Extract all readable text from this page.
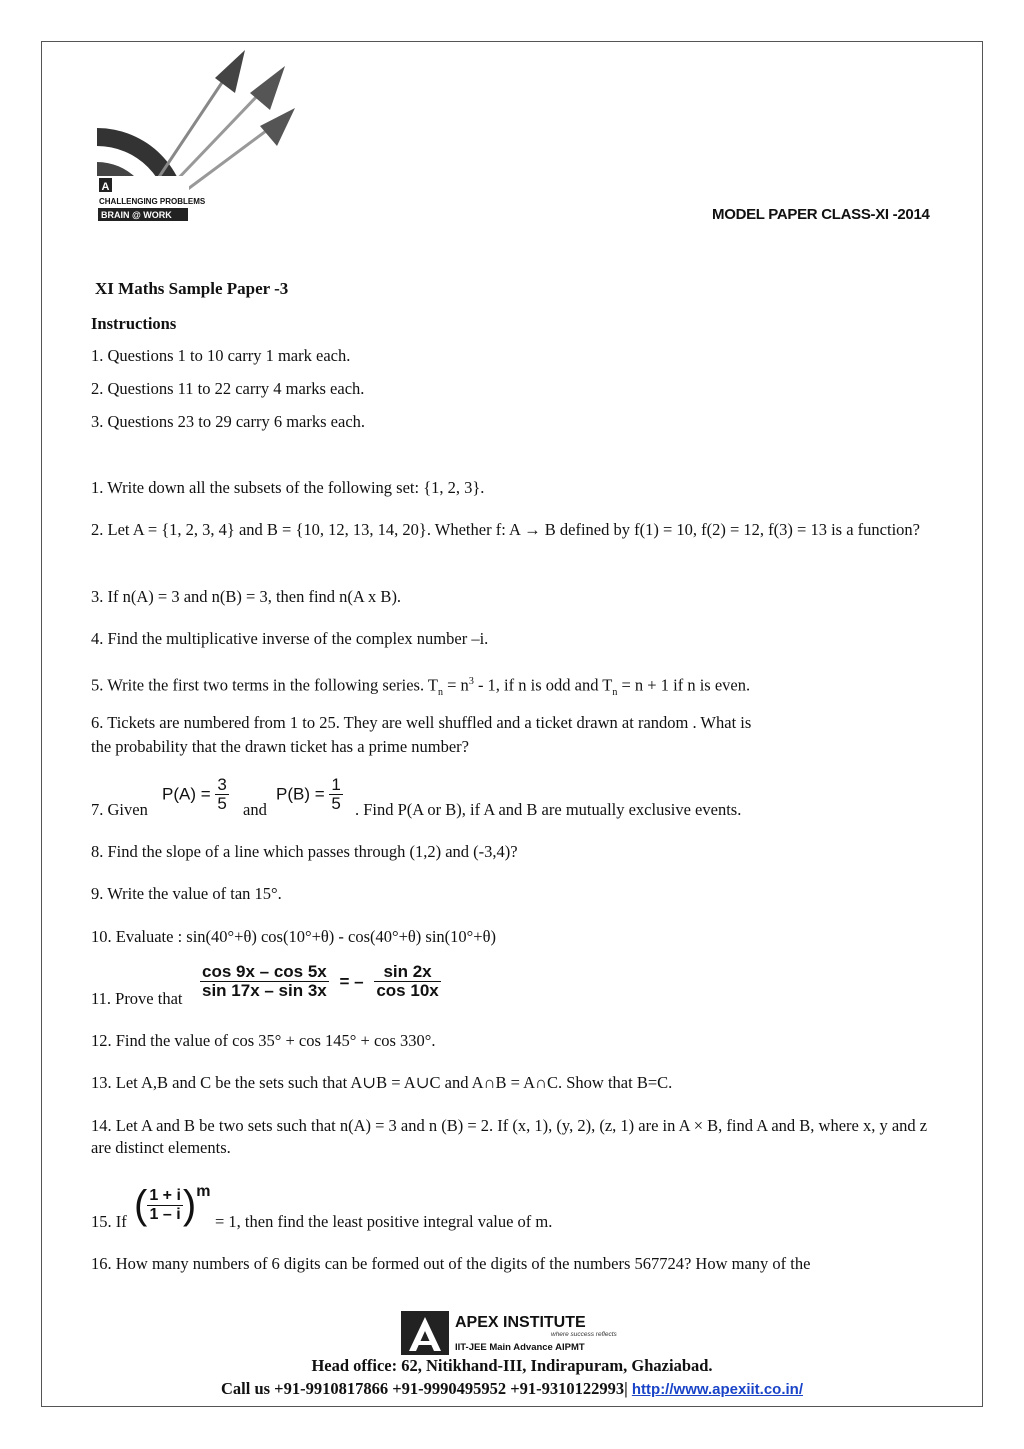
A
CHALLENGING PROBLEMS
BRAIN @ WORK	MODEL PAPER CLASS-XI -2014
XI Maths Sample Paper -3
Instructions
1. Questions 1 to 10 carry 1 mark each.
2. Questions 11 to 22 carry 4 marks each.
3. Questions 23 to 29 carry 6 marks each.
1. Write down all the subsets of the following set: {1, 2, 3}.
2. Let A = {1, 2, 3, 4} and B = {10, 12, 13, 14, 20}. Whether f: A → B defined by f(1) = 10, f(2) = 12, f(3) = 13 is a function?
3. If n(A) = 3 and n(B) = 3, then find n(A x B).
4. Find the multiplicative inverse of the complex number –i.
5. Write the first two terms in the following series. $T_n = n^3 - 1$, if n is odd and $T_n = n + 1$ if n is even.
6. Tickets are numbered from 1 to 25. They are well shuffled and a ticket drawn at random . What is
the probability that the drawn ticket has a prime number?
7. Given
$P(A) = \frac{3}{5}$ and
$P(B) = \frac{1}{5}$ . Find P(A or B), if A and B are mutually exclusive events.
8. Find the slope of a line which passes through (1,2) and (-3,4)?
9. Write the value of tan 15°.
10. Evaluate : sin(40°+θ) cos(10°+θ) - cos(40°+θ) sin(10°+θ)
11. Prove that $\frac{\cos 9x - \cos 5x}{\sin 17x - \sin 3x}$ = – $\frac{\sin 2x}{\cos 10x}$
12. Find the value of cos 35° + cos 145° + cos 330°.
13. Let A,B and C be the sets such that A∪B = A∪C and A∩B = A∩C. Show that B=C.
14. Let A and B be two sets such that n(A) = 3 and n (B) = 2. If (x, 1), (y, 2), (z, 1) are in A × B, find A and B, where x, y and z are distinct elements.
15. If ( $\frac{1 + i}{1 - i} )m$
= 1, then find the least positive integral value of m.
16. How many numbers of 6 digits can be formed out of the digits of the numbers 567724? How many of the
APEX INSTITUTE
where success reflects
IIT-JEE Main Advance AIPMT
Head office: 62, Nitikhand-III, Indirapuram, Ghaziabad.
Call us +91-9910817866 +91-9990495952 +91-9310122993| http://www.apexiit.co.in/
